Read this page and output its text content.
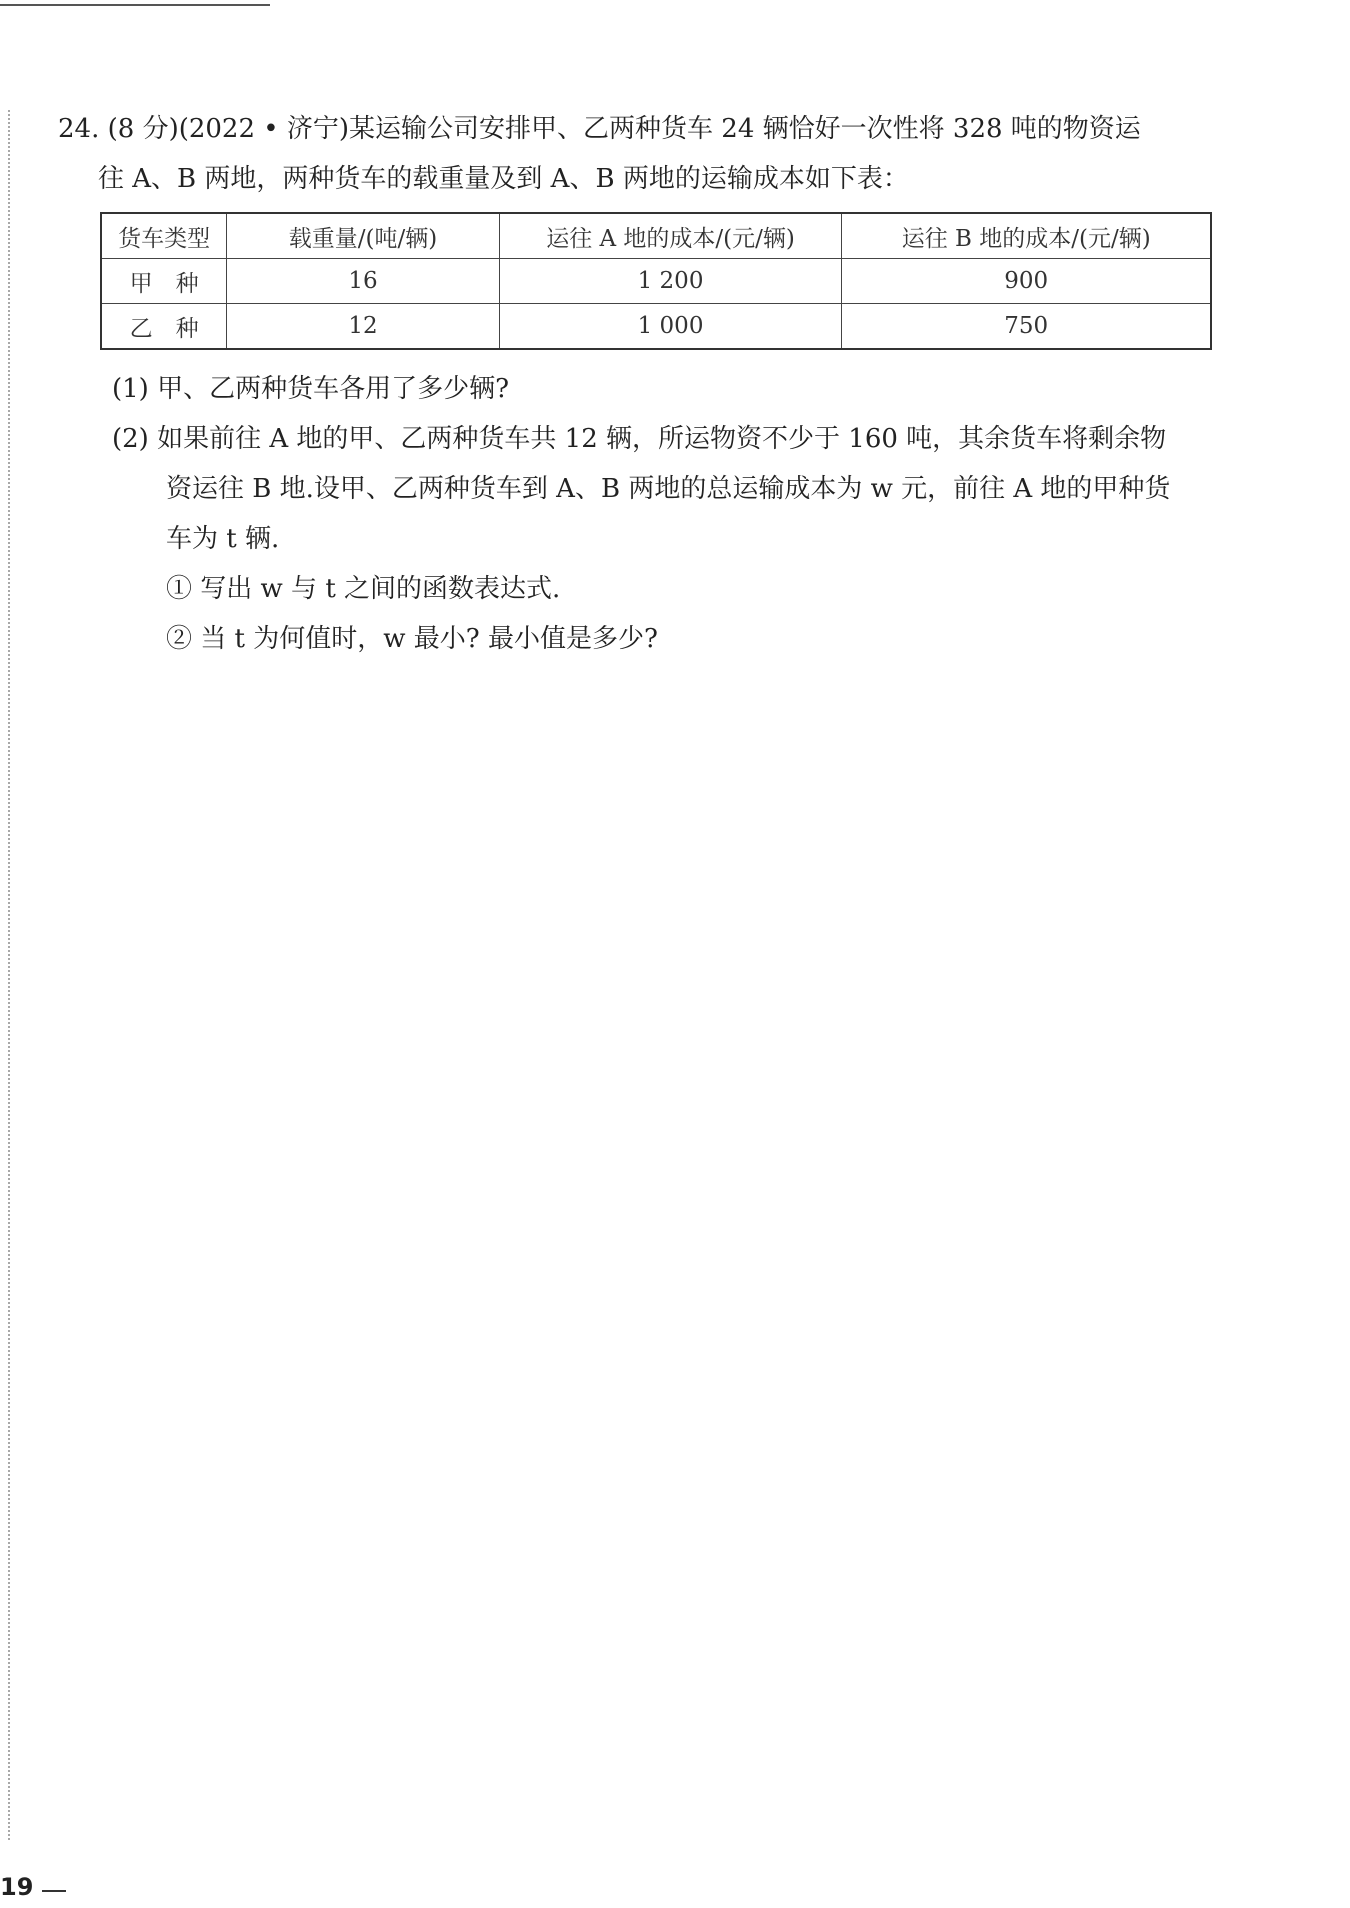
24. (8 分)(2022 • 济宁)某运输公司安排甲、乙两种货车 24 辆恰好一次性将 328 吨的物资运
往 A、B 两地，两种货车的载重量及到 A、B 两地的运输成本如下表：
货车类型	载重量/(吨/辆)	运往 A 地的成本/(元/辆)	运往 B 地的成本/(元/辆)
甲　种	16	1 200	900
乙　种	12	1 000	750
(1) 甲、乙两种货车各用了多少辆?
(2) 如果前往 A 地的甲、乙两种货车共 12 辆，所运物资不少于 160 吨，其余货车将剩余物
资运往 B 地.设甲、乙两种货车到 A、B 两地的总运输成本为 w 元，前往 A 地的甲种货
车为 t 辆.
① 写出 w 与 t 之间的函数表达式.
② 当 t 为何值时，w 最小? 最小值是多少?
19
